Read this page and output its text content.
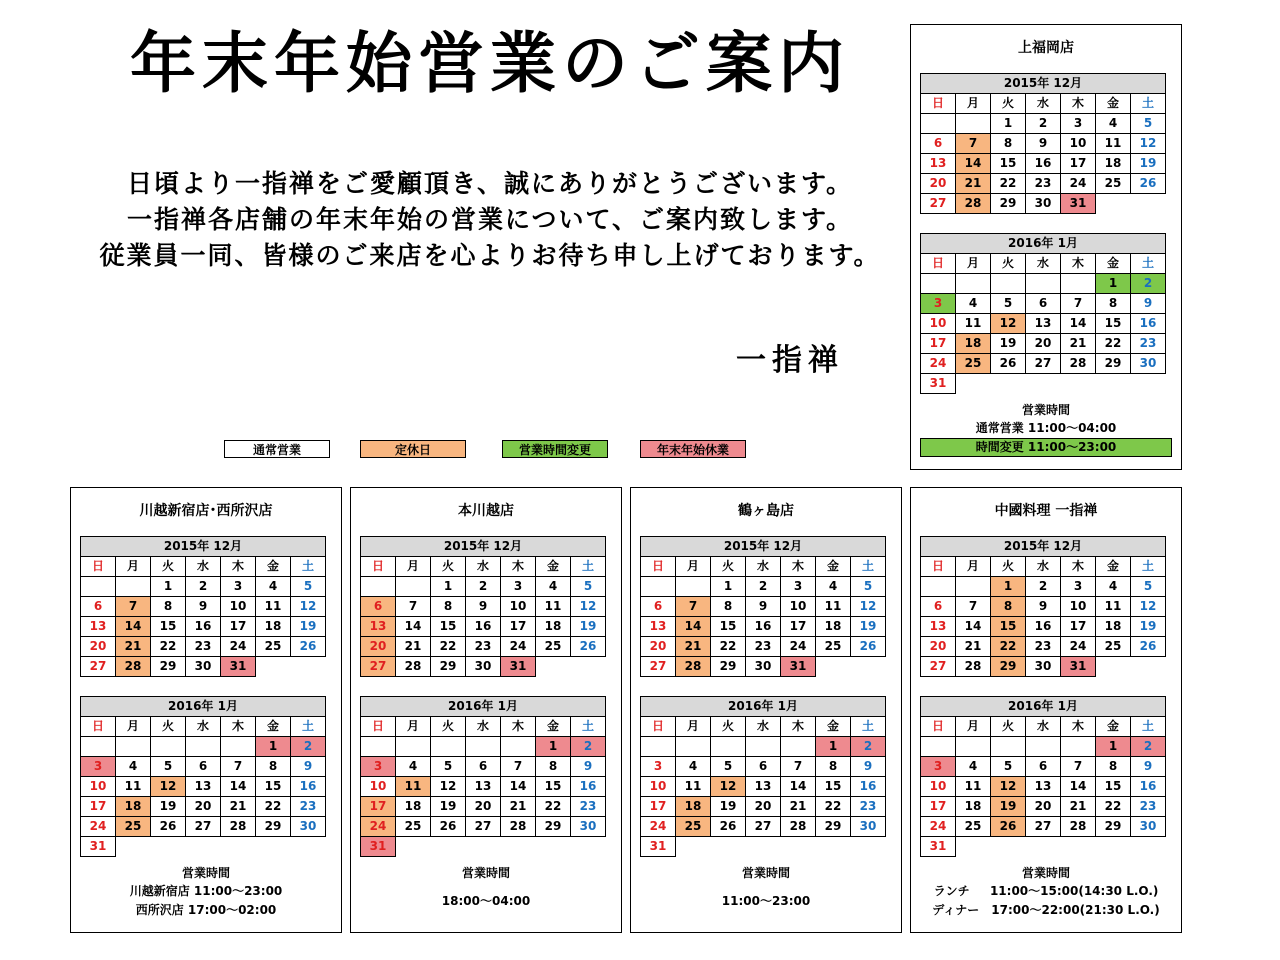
年末年始営業のご案内
日頃より一指禅をご愛顧頂き、誠にありがとうございます。
一指禅各店舗の年末年始の営業について、ご案内致します。
従業員一同、皆様のご来店を心よりお待ち申し上げております。
一指禅
通常営業	定休日	営業時間変更	年末年始休業
上福岡店
2015年 12月						
日	月	火	水	木	金	土
		1	2	3	4	5
6	7	8	9	10	11	12
13	14	15	16	17	18	19
20	21	22	23	24	25	26
27	28	29	30	31		
2016年 1月						
日	月	火	水	木	金	土
					1	2
3	4	5	6	7	8	9
10	11	12	13	14	15	16
17	18	19	20	21	22	23
24	25	26	27	28	29	30
31						
営業時間
通常営業 11:00～04:00
時間変更 11:00～23:00
川越新宿店･西所沢店
2015年 12月						
日	月	火	水	木	金	土
		1	2	3	4	5
6	7	8	9	10	11	12
13	14	15	16	17	18	19
20	21	22	23	24	25	26
27	28	29	30	31		
2016年 1月						
日	月	火	水	木	金	土
					1	2
3	4	5	6	7	8	9
10	11	12	13	14	15	16
17	18	19	20	21	22	23
24	25	26	27	28	29	30
31						
営業時間
川越新宿店 11:00～23:00
西所沢店 17:00～02:00
本川越店
2015年 12月						
日	月	火	水	木	金	土
		1	2	3	4	5
6	7	8	9	10	11	12
13	14	15	16	17	18	19
20	21	22	23	24	25	26
27	28	29	30	31		
2016年 1月						
日	月	火	水	木	金	土
					1	2
3	4	5	6	7	8	9
10	11	12	13	14	15	16
17	18	19	20	21	22	23
24	25	26	27	28	29	30
31						
営業時間
18:00～04:00
鶴ヶ島店
2015年 12月						
日	月	火	水	木	金	土
		1	2	3	4	5
6	7	8	9	10	11	12
13	14	15	16	17	18	19
20	21	22	23	24	25	26
27	28	29	30	31		
2016年 1月						
日	月	火	水	木	金	土
					1	2
3	4	5	6	7	8	9
10	11	12	13	14	15	16
17	18	19	20	21	22	23
24	25	26	27	28	29	30
31						
営業時間
11:00～23:00
中國料理 一指禅
2015年 12月						
日	月	火	水	木	金	土
		1	2	3	4	5
6	7	8	9	10	11	12
13	14	15	16	17	18	19
20	21	22	23	24	25	26
27	28	29	30	31		
2016年 1月						
日	月	火	水	木	金	土
					1	2
3	4	5	6	7	8	9
10	11	12	13	14	15	16
17	18	19	20	21	22	23
24	25	26	27	28	29	30
31						
営業時間
ランチ　  11:00～15:00(14:30 L.O.)
ディナー　17:00～22:00(21:30 L.O.)
